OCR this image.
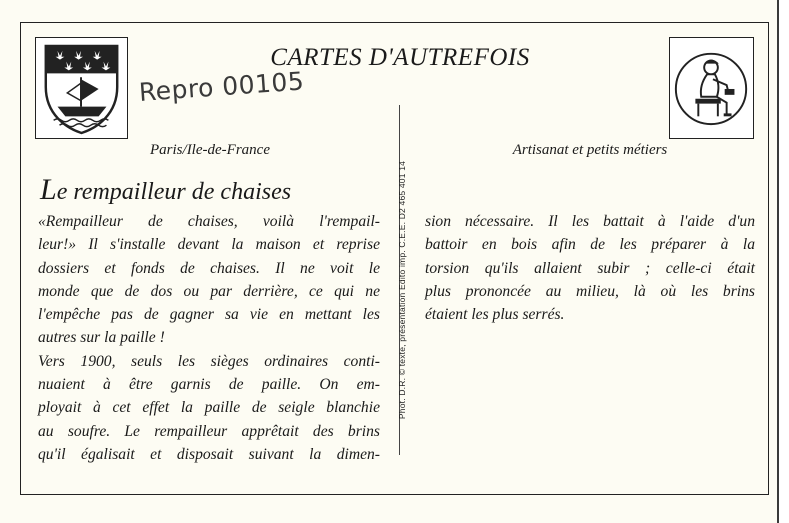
CARTES D'AUTREFOIS
Repro 00105
Phot. D.R. © texte, présentation Edito imp. C.E.E. D2 465 401 14
Paris/Ile-de-France	Artisanat et petits métiers
Le rempailleur de chaises
«Rempailleur de chaises, voilà l'rempail-
leur!» Il s'installe devant la maison et reprise
dossiers et fonds de chaises. Il ne voit le
monde que de dos ou par derrière, ce qui ne
l'empêche pas de gagner sa vie en mettant les
autres sur la paille !
Vers 1900, seuls les sièges ordinaires conti-
nuaient à être garnis de paille. On em-
ployait à cet effet la paille de seigle blanchie
au soufre. Le rempailleur apprêtait des brins
qu'il égalisait et disposait suivant la dimen-
sion nécessaire. Il les battait à l'aide d'un
battoir en bois afin de les préparer à la
torsion qu'ils allaient subir ; celle-ci était
plus prononcée au milieu, là où les brins
étaient les plus serrés.
